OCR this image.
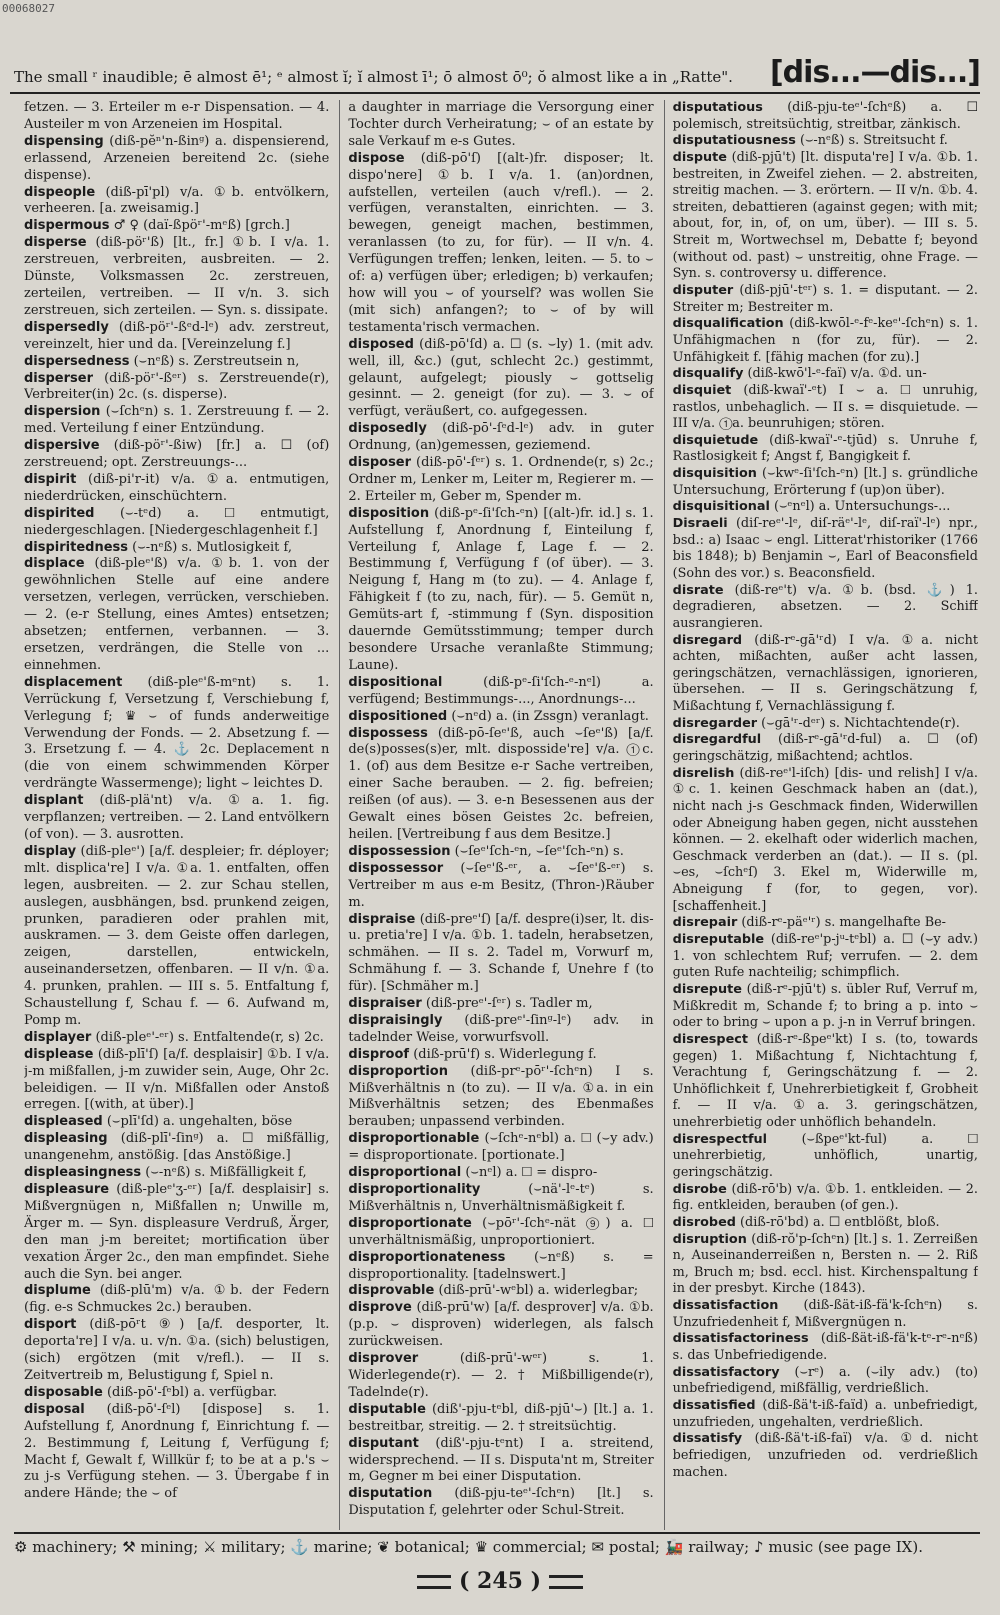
00068027
The small ʳ inaudible; ē almost ē¹; ᵉ almost ĭ; ĭ almost ī¹; ō almost ō⁰; ŏ almost like a in „Ratte". [dis...—dis...]

fetzen. — 3. Erteiler m e-r Dispensation. — 4. Austeiler m von Arzeneien im Hospital.

dispensing (diß-pĕⁿ'n-ßinᵍ) a. dispensierend, erlassend, Arzeneien bereitend 2c. (siehe dispense).

dispeople (diß-pī'pl) v/a. ①b. entvölkern, verheeren. [a. zweisamig.]

dispermous ♂ ♀ (daï-ßpöʳ'-mᵉß) [grch.]

disperse (diß-pöʳ'ß) [lt., fr.] ①b. I v/a. 1. zerstreuen, verbreiten, ausbreiten. — 2. Dünste, Volksmassen 2c. zerstreuen, zerteilen, vertreiben. — II v/n. 3. sich zerstreuen, sich zerteilen. — Syn. s. dissipate.

dispersedly (diß-pöʳ'-ßᵉd-lᵉ) adv. zerstreut, vereinzelt, hier und da. [Vereinzelung f.]

dispersedness (⌣nᵉß) s. Zerstreutsein n,

disperser (diß-pöʳ'-ßᵉʳ) s. Zerstreuende(r), Verbreiter(in) 2c. (s. disperse).

dispersion (⌣ſchᵉn) s. 1. Zerstreuung f. — 2. med. Verteilung f einer Entzündung.

dispersive (diß-pöʳ'-ßiw) [fr.] a. ☐ (of) zerstreuend; opt. Zerstreuungs-...

dispirit (diß-pi'r-it) v/a. ①a. entmutigen, niederdrücken, einschüchtern.

dispirited (⌣-tᵉd) a. ☐ entmutigt, niedergeschlagen. [Niedergeschlagenheit f.]

dispiritedness (⌣-nᵉß) s. Mutlosigkeit f,

displace (diß-pleᵉ'ß) v/a. ①b. 1. von der gewöhnlichen Stelle auf eine andere versetzen, verlegen, verrücken, verschieben. — 2. (e-r Stellung, eines Amtes) entsetzen; absetzen; entfernen, verbannen. — 3. ersetzen, verdrängen, die Stelle von ... einnehmen.

displacement (diß-pleᵉ'ß-mᵉnt) s. 1. Verrückung f, Versetzung f, Verschiebung f, Verlegung f; ♛ ⌣ of funds anderweitige Verwendung der Fonds. — 2. Absetzung f. — 3. Ersetzung f. — 4. ⚓ 2c. Deplacement n (die von einem schwimmenden Körper verdrängte Wassermenge); light ⌣ leichtes D.

displant (diß-plä'nt) v/a. ①a. 1. fig. verpflanzen; vertreiben. — 2. Land entvölkern (of von). — 3. ausrotten.

display (diß-pleᵉ') [a/f. despleier; fr. déployer; mlt. displica're] I v/a. ①a. 1. entfalten, offen legen, ausbreiten. — 2. zur Schau stellen, auslegen, ausbhängen, bsd. prunkend zeigen, prunken, paradieren oder prahlen mit, auskramen. — 3. dem Geiste offen darlegen, zeigen, darstellen, entwickeln, auseinandersetzen, offenbaren. — II v/n. ①a. 4. prunken, prahlen. — III s. 5. Entfaltung f, Schaustellung f, Schau f. — 6. Aufwand m, Pomp m.

displayer (diß-pleᵉ'-ᵉʳ) s. Entfaltende(r, s) 2c.

displease (diß-plī'ſ) [a/f. desplaisir] ①b. I v/a. j-m mißfallen, j-m zuwider sein, Auge, Ohr 2c. beleidigen. — II v/n. Mißfallen oder Anstoß erregen. [(with, at über).]

displeased (⌣plī'ſd) a. ungehalten, böse

displeasing (diß-plī'-ſinᵍ) a. ☐ mißfällig, unangenehm, anstößig. [das Anstößige.]

displeasingness (⌣-nᵉß) s. Mißfälligkeit f,

displeasure (diß-pleᵉ'ʒ-ᵉʳ) [a/f. desplaisir] s. Mißvergnügen n, Mißfallen n; Unwille m, Ärger m. — Syn. displeasure Verdruß, Ärger, den man j-m bereitet; mortification über vexation Ärger 2c., den man empfindet. Siehe auch die Syn. bei anger.

displume (diß-plū'm) v/a. ①b. der Federn (fig. e-s Schmuckes 2c.) berauben.

disport (diß-pōʳt ⑨) [a/f. desporter, lt. deporta're] I v/a. u. v/n. ①a. (sich) belustigen, (sich) ergötzen (mit v/refl.). — II s. Zeitvertreib m, Belustigung f, Spiel n.

disposable (diß-pō'-ſᵉbl) a. verfügbar.

disposal (diß-pō'-ſᵉl) [dispose] s. 1. Aufstellung f, Anordnung f, Einrichtung f. — 2. Bestimmung f, Leitung f, Verfügung f; Macht f, Gewalt f, Willkür f; to be at a p.'s ⌣ zu j-s Verfügung stehen. — 3. Übergabe f in andere Hände; the ⌣ of

a daughter in marriage die Versorgung einer Tochter durch Verheiratung; ⌣ of an estate by sale Verkauf m e-s Gutes.

dispose (diß-pō'ſ) [(alt-)fr. disposer; lt. dispo'nere] ①b. I v/a. 1. (an)ordnen, aufstellen, verteilen (auch v/refl.). — 2. verfügen, veranstalten, einrichten. — 3. bewegen, geneigt machen, bestimmen, veranlassen (to zu, for für). — II v/n. 4. Verfügungen treffen; lenken, leiten. — 5. to ⌣ of: a) verfügen über; erledigen; b) verkaufen; how will you ⌣ of yourself? was wollen Sie (mit sich) anfangen?; to ⌣ of by will testamenta'risch vermachen.

disposed (diß-pō'ſd) a. ☐ (s. ⌣ly) 1. (mit adv. well, ill, &c.) (gut, schlecht 2c.) gestimmt, gelaunt, aufgelegt; piously ⌣ gottselig gesinnt. — 2. geneigt (for zu). — 3. ⌣ of verfügt, veräußert, co. aufgegessen.

disposedly (diß-pō'-ſᵉd-lᵉ) adv. in guter Ordnung, (an)gemessen, geziemend.

disposer (diß-pō'-ſᵉʳ) s. 1. Ordnende(r, s) 2c.; Ordner m, Lenker m, Leiter m, Regierer m. — 2. Erteiler m, Geber m, Spender m.

disposition (diß-pᵉ-ſi'ſch-ᵉn) [(alt-)fr. id.] s. 1. Aufstellung f, Anordnung f, Einteilung f, Verteilung f, Anlage f, Lage f. — 2. Bestimmung f, Verfügung f (of über). — 3. Neigung f, Hang m (to zu). — 4. Anlage f, Fähigkeit f (to zu, nach, für). — 5. Gemüt n, Gemüts-art f, -stimmung f (Syn. disposition dauernde Gemütsstimmung; temper durch besondere Ursache veranlaßte Stimmung; Laune).

dispositional	(diß-pᵉ-ſi'ſch-ᵉ-nᵉl) a. verfügend; Bestimmungs-..., Anordnungs-...

dispositioned (⌣nᵉd) a. (in Zssgn) veranlagt.

dispossess (diß-pō-ſeᵉ'ß, auch ⌣ſeᵉ'ß) [a/f. de(s)posses(s)er, mlt. disposside're] v/a. ①c. 1. (of) aus dem Besitze e-r Sache vertreiben, einer Sache berauben. — 2. fig. befreien; reißen (of aus). — 3. e-n Besessenen aus der Gewalt eines bösen Geistes 2c. befreien, heilen. [Vertreibung f aus dem Besitze.]

dispossession (⌣ſeᵉ'ſch-ᵉn, ⌣ſeᵉ'ſch-ᵉn) s.

dispossessor (⌣ſeᵉ'ß-ᵉʳ, a. ⌣ſeᵉ'ß-ᵉʳ) s. Vertreiber m aus e-m Besitz, (Thron-)Räuber m.

dispraise (diß-preᵉ'ſ) [a/f. despre(i)ser, lt. dis- u. pretia're] I v/a. ①b. 1. tadeln, herabsetzen, schmähen. — II s. 2. Tadel m, Vorwurf m, Schmähung f. — 3. Schande f, Unehre f (to für). [Schmäher m.]

dispraiser (diß-preᵉ'-ſᵉʳ) s. Tadler m,

dispraisingly (diß-preᵉ'-ſinᵍ-lᵉ) adv. in tadelnder Weise, vorwurfsvoll.

disproof (diß-prū'f) s. Widerlegung f.

disproportion (diß-prᵉ-pōʳ'-ſchᵉn) I s. Mißverhältnis n (to zu). — II v/a. ①a. in ein Mißverhältnis setzen; des Ebenmaßes berauben; unpassend verbinden.

disproportionable (⌣ſchᵉ-nᵉbl) a. ☐ (⌣y adv.) = disproportionate. [portionate.]

disproportional (⌣nᵉl) a. ☐ = dispro-

disproportionality	(⌣nä'-lᵉ-tᵉ) s. Mißverhältnis n, Unverhältnismäßigkeit f.

disproportionate (⌣pōʳ'-ſchᵉ-nät ⑨) a. ☐ unverhältnismäßig, unproportioniert.

disproportionateness (⌣nᵉß) s. = disproportionality. [tadelnswert.]

disprovable (diß-prū'-wᵉbl) a. widerlegbar;

disprove (diß-prū'w) [a/f. desprover] v/a. ①b. (p.p. ⌣ disproven) widerlegen, als falsch zurückweisen.

disprover	(diß-prū'-wᵉʳ) s. 1. Widerlegende(r). — 2. † Mißbilligende(r), Tadelnde(r).

disputable (diß'-pju-tᵉbl, diß-pjū'⌣) [lt.] a. 1. bestreitbar, streitig. — 2. † streitsüchtig.

disputant (diß'-pju-tᵉnt) I a. streitend, widersprechend. — II s. Disputa'nt m, Streiter m, Gegner m bei einer Disputation.

disputation (diß-pju-teᵉ'-ſchᵉn) [lt.] s. Disputation f, gelehrter oder Schul-Streit.

disputatious (diß-pju-teᵉ'-ſchᵉß) a. ☐ polemisch, streitsüchtig, streitbar, zänkisch.

disputatiousness (⌣-nᵉß) s. Streitsucht f.

dispute (diß-pjū't) [lt. disputa're] I v/a. ①b. 1. bestreiten, in Zweifel ziehen. — 2. abstreiten, streitig machen. — 3. erörtern. — II v/n. ①b. 4. streiten, debattieren (against gegen; with mit; about, for, in, of, on um, über). — III s. 5. Streit m, Wortwechsel m, Debatte f; beyond (without od. past) ⌣ unstreitig, ohne Frage. — Syn. s. controversy u. difference.

disputer (diß-pjū'-tᵉʳ) s. 1. = disputant. — 2. Streiter m; Bestreiter m.

disqualification (diß-kwōl-ᵉ-fᵉ-keᵉ'-ſchᵉn) s. 1. Unfähigmachen n (for zu, für). — 2. Unfähigkeit f. [fähig machen (for zu).]

disqualify (diß-kwō'l-ᵉ-faï) v/a. ①d. un-

disquiet (diß-kwaï'-ᵉt) I ⌣ a. ☐ unruhig, rastlos, unbehaglich. — II s. = disquietude. — III v/a. ①a. beunruhigen; stören.

disquietude (diß-kwaï'-ᵉ-tjūd) s. Unruhe f, Rastlosigkeit f; Angst f, Bangigkeit f.

disquisition (⌣kwᵉ-ſi'ſch-ᵉn) [lt.] s. gründliche Untersuchung, Erörterung f (up)on über).

disquisitional (⌣ᵉnᵉl) a. Untersuchungs-...

Disraeli (diſ-reᵉ'-lᵉ, diſ-räᵉ'-lᵉ, diſ-raï'-lᵉ) npr., bsd.: a) Isaac ⌣ engl. Litterat'rhistoriker (1766 bis 1848); b) Benjamin ⌣, Earl of Beaconsfield (Sohn des vor.) s. Beaconsfield.

disrate (diß-reᵉ't) v/a. ①b. (bsd. ⚓) 1. degradieren, absetzen. — 2. Schiff ausrangieren.

disregard (diß-rᵉ-gā'ʳd) I v/a. ①a. nicht achten, mißachten, außer acht lassen, geringschätzen, vernachlässigen, ignorieren, übersehen. — II s. Geringschätzung f, Mißachtung f, Vernachlässigung f.

disregarder (⌣gā'ʳ-dᵉʳ) s. Nichtachtende(r).

disregardful (diß-rᵉ-gā'ʳd-ful) a. ☐ (of) geringschätzig, mißachtend; achtlos.

disrelish (diß-reᵉ'l-iſch) [dis- und relish] I v/a. ①c. 1. keinen Geschmack haben an (dat.), nicht nach j-s Geschmack finden, Widerwillen oder Abneigung haben gegen, nicht ausstehen können. — 2. ekelhaft oder widerlich machen, Geschmack verderben an (dat.). — II s. (pl. ⌣es, ⌣ſchᵉſ) 3. Ekel m, Widerwille m, Abneigung f (for, to gegen, vor). [schaffenheit.]

disrepair (diß-rᵉ-päᵉ'ʳ) s. mangelhafte Be-

disreputable (diß-reᵉ'p-jᵘ-tᵉbl) a. ☐ (⌣y adv.) 1. von schlechtem Ruf; verrufen. — 2. dem guten Rufe nachteilig; schimpflich.

disrepute (diß-rᵉ-pjū't) s. übler Ruf, Verruf m, Mißkredit m, Schande f; to bring a p. into ⌣ oder to bring ⌣ upon a p. j-n in Verruf bringen.

disrespect (diß-rᵉ-ßpeᵉ'kt) I s. (to, towards gegen) 1. Mißachtung f, Nichtachtung f, Verachtung f, Geringschätzung f. — 2. Unhöflichkeit f, Unehrerbietigkeit f, Grobheit f. — II v/a. ①a. 3. geringschätzen, unehrerbietig oder unhöflich behandeln.

disrespectful	(⌣ßpeᵉ'kt-ful) a. ☐ unehrerbietig, unhöflich, unartig, geringschätzig.

disrobe (diß-rō'b) v/a. ①b. 1. entkleiden. — 2. fig. entkleiden, berauben (of gen.).

disrobed (diß-rō'bd) a. ☐ entblößt, bloß.

disruption (diß-rŏ'p-ſchᵉn) [lt.] s. 1. Zerreißen n, Auseinanderreißen n, Bersten n. — 2. Riß m, Bruch m; bsd. eccl. hist. Kirchenspaltung f in der presbyt. Kirche (1843).

dissatisfaction (diß-ßät-iß-fä'k-ſchᵉn) s. Unzufriedenheit f, Mißvergnügen n.

dissatisfactoriness (diß-ßät-iß-fä'k-tᵉ-rᵉ-nᵉß) s. das Unbefriedigende.

dissatisfactory (⌣rᵉ) a. (⌣ily adv.) (to) unbefriedigend, mißfällig, verdrießlich.

dissatisfied (diß-ßä't-iß-faïd) a. unbefriedigt, unzufrieden, ungehalten, verdrießlich.

dissatisfy (diß-ßä't-iß-faï) v/a. ①d. nicht befriedigen, unzufrieden od. verdrießlich machen.

⚙ machinery; ⚒ mining; ⚔ military; ⚓ marine; ❦ botanical; ♛ commercial; ✉ postal; 🚂 railway; ♪ music (see page IX).
( 245 )
